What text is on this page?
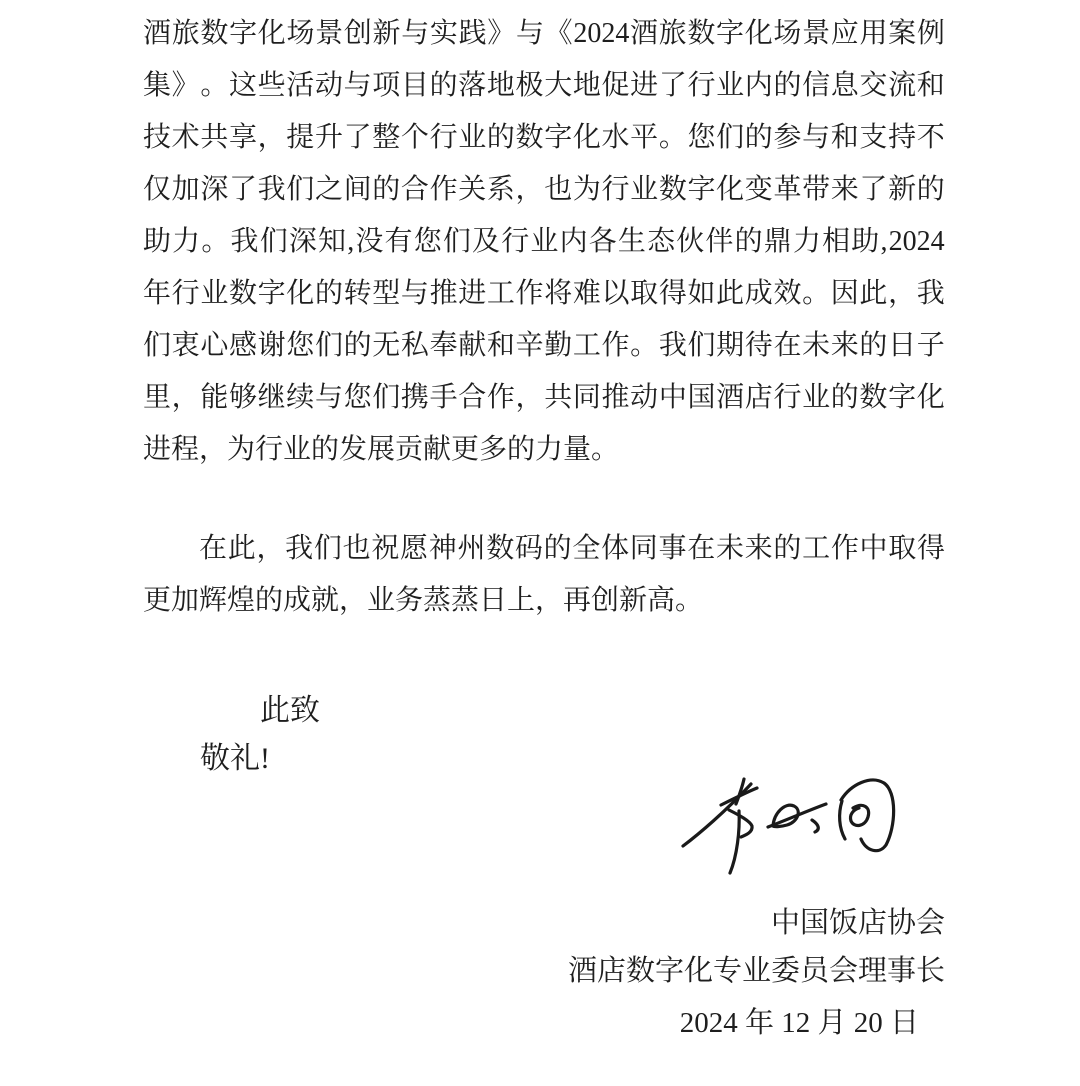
酒 旅 数 字 化 场 景 创 新 与 实 践 》 与 《 2024 酒 旅 数 字 化 场 景 应 用 案 例
集 》 。 这 些 活 动 与 项 目 的 落 地 极 大 地 促 进 了 行 业 内 的 信 息 交 流 和
技 术 共 享 ， 提 升 了 整 个 行 业 的 数 字 化 水 平 。 您 们 的 参 与 和 支 持 不
仅 加 深 了 我 们 之 间 的 合 作 关 系 ， 也 为 行 业 数 字 化 变 革 带 来 了 新 的
助 力 。 我 们 深 知 , 没 有 您 们 及 行 业 内 各 生 态 伙 伴 的 鼎 力 相 助 , 2024
年 行 业 数 字 化 的 转 型 与 推 进 工 作 将 难 以 取 得 如 此 成 效 。 因 此 ， 我
们 衷 心 感 谢 您 们 的 无 私 奉 献 和 辛 勤 工 作 。 我 们 期 待 在 未 来 的 日 子
里 ， 能 够 继 续 与 您 们 携 手 合 作 ， 共 同 推 动 中 国 酒 店 行 业 的 数 字 化
进程，为行业的发展贡献更多的力量。
在 此 ， 我 们 也 祝 愿 神 州 数 码 的 全 体 同 事 在 未 来 的 工 作 中 取 得
更加辉煌的成就，业务蒸蒸日上，再创新高。
此致
敬礼!
中国饭店协会
酒店数字化专业委员会理事长
2024 年 12 月 20 日
